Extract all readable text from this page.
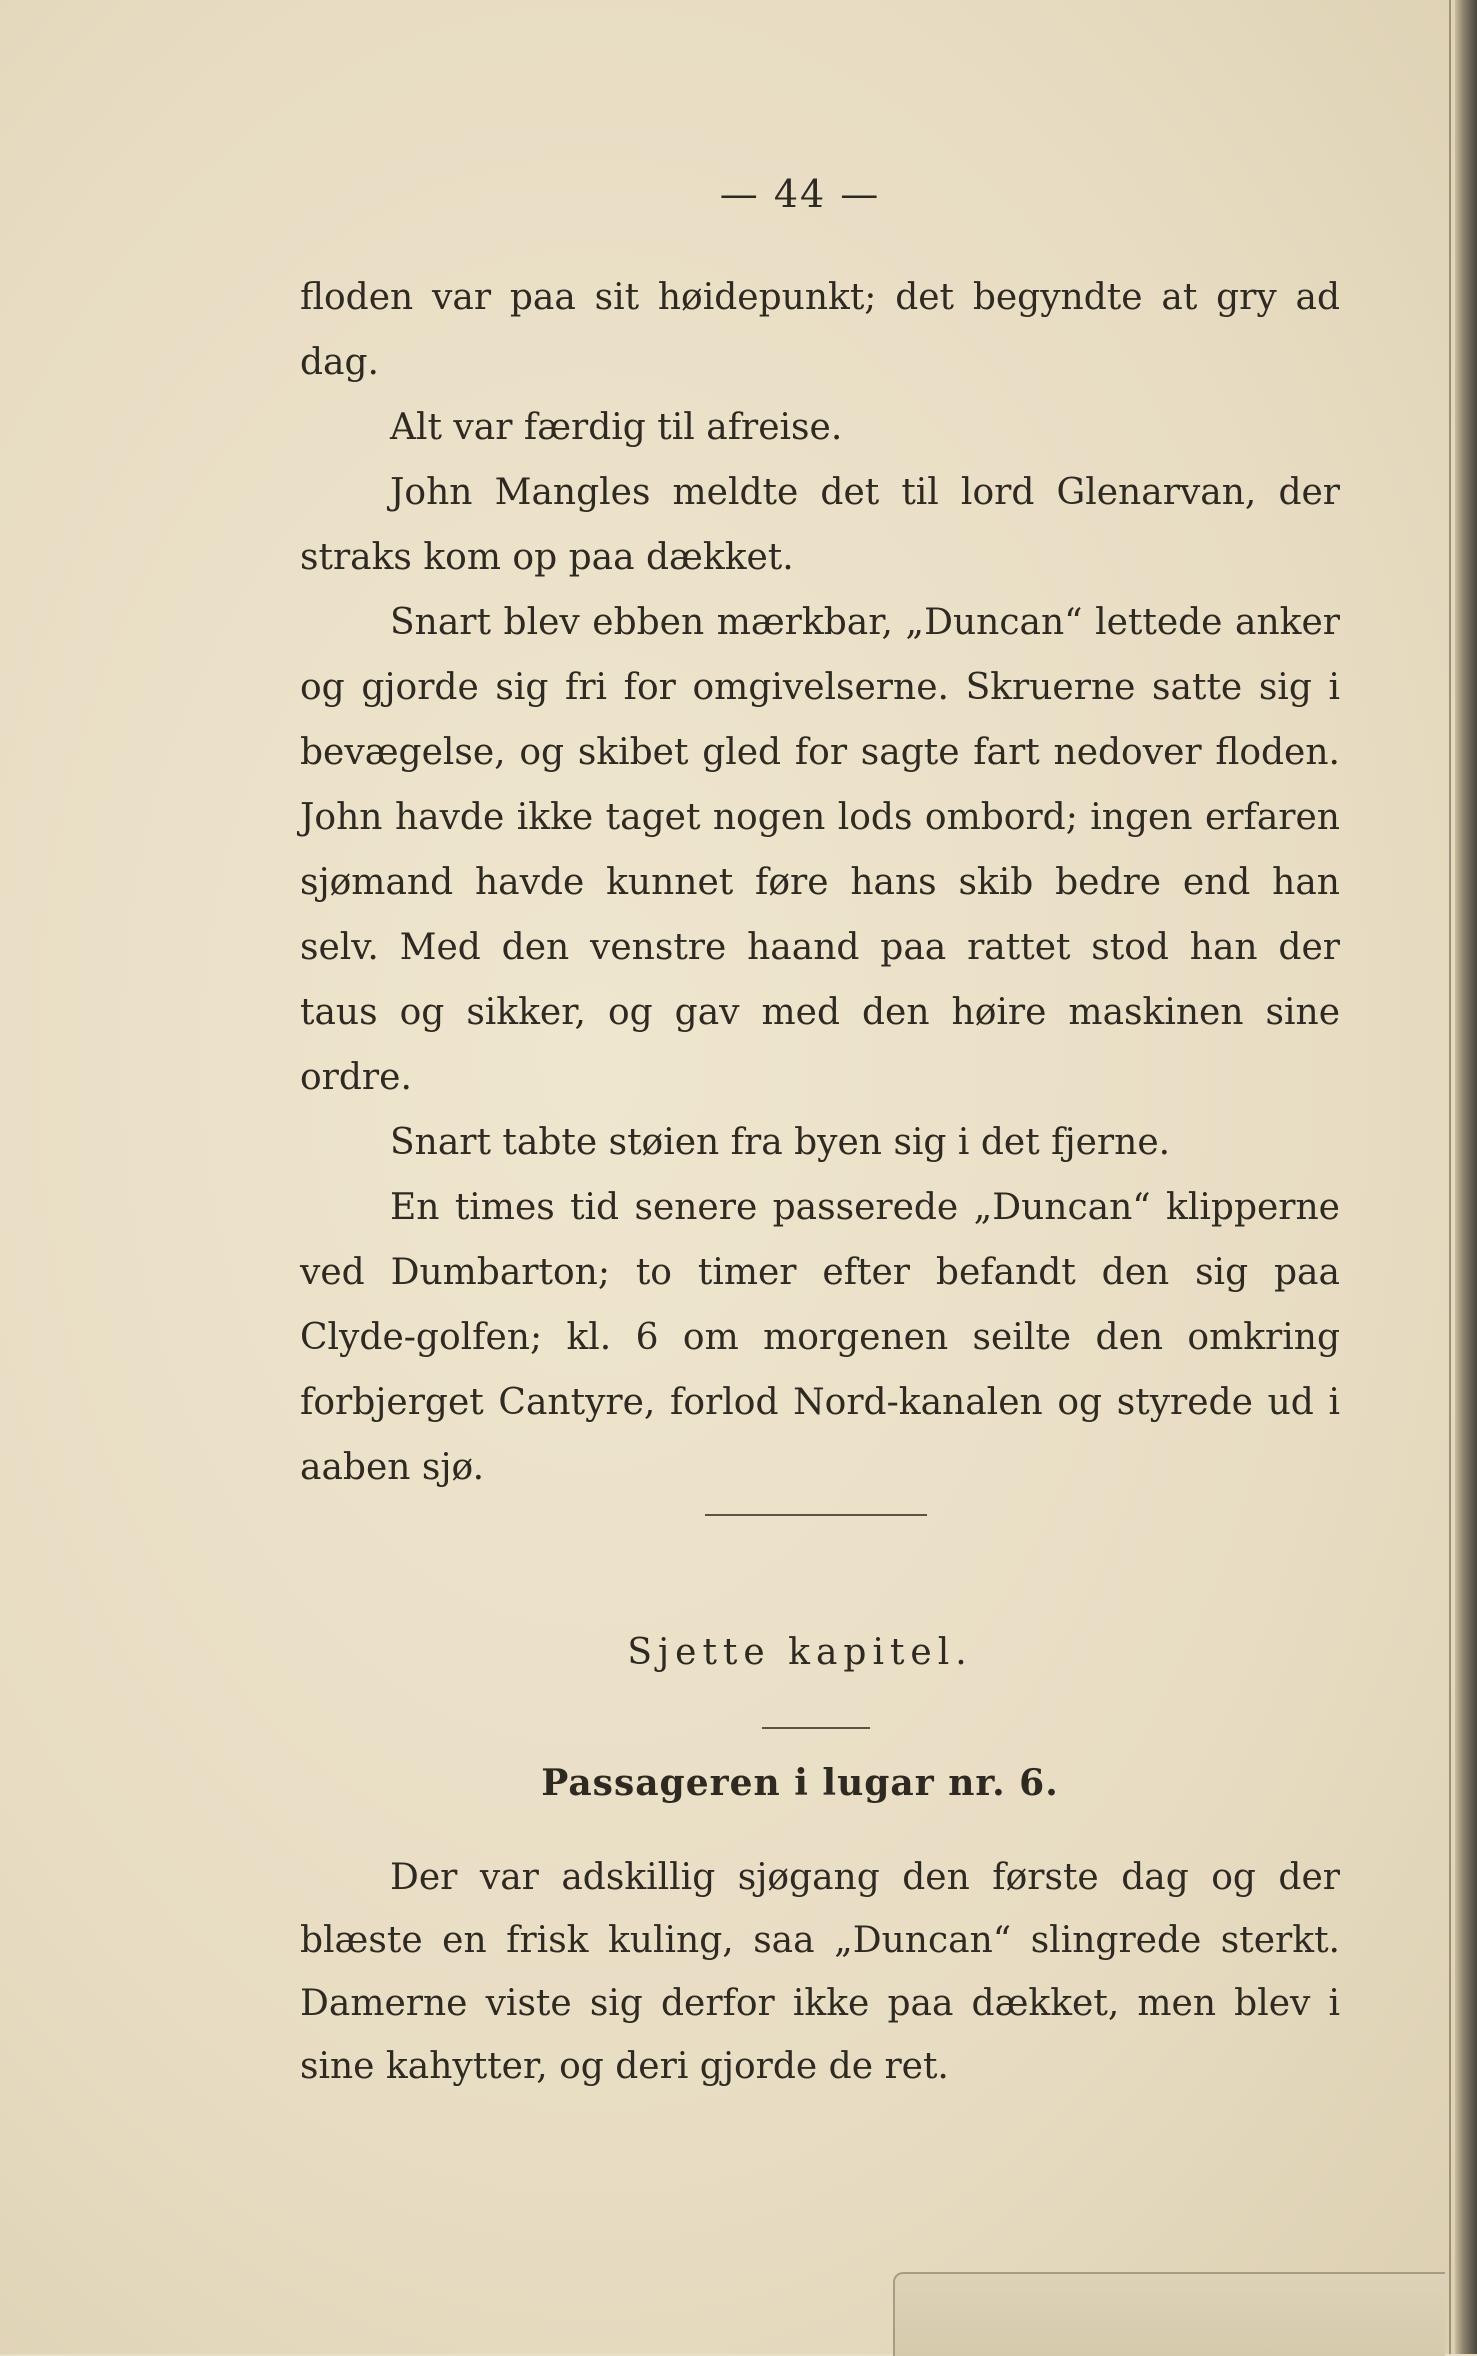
— 44 —

floden var paa sit høidepunkt; det begyndte at gry ad dag.

Alt var færdig til afreise.

John Mangles meldte det til lord Glenarvan, der straks kom op paa dækket.

Snart blev ebben mærkbar, „Duncan“ lettede anker og gjorde sig fri for omgivelserne. Skruerne satte sig i bevægelse, og skibet gled for sagte fart nedover floden. John havde ikke taget nogen lods ombord; ingen erfaren sjømand havde kunnet føre hans skib bedre end han selv. Med den venstre haand paa rattet stod han der taus og sikker, og gav med den høire maskinen sine ordre.

Snart tabte støien fra byen sig i det fjerne.

En times tid senere passerede „Duncan“ klipperne ved Dumbarton; to timer efter befandt den sig paa Clyde-golfen; kl. 6 om morgenen seilte den omkring forbjerget Cantyre, forlod Nord-kanalen og styrede ud i aaben sjø.

Sjette kapitel.
Passageren i lugar nr. 6.

Der var adskillig sjøgang den første dag og der blæste en frisk kuling, saa „Duncan“ slingrede sterkt. Damerne viste sig derfor ikke paa dækket, men blev i sine kahytter, og deri gjorde de ret.
